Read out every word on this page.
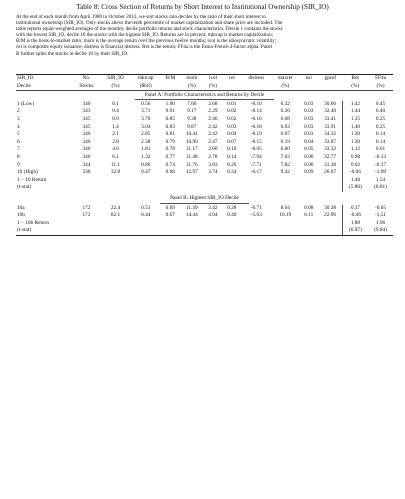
Table 8: Cross Section of Returns by Short Interest to Institutional Ownership (SIR_IO)
At the end of each month from April 1980 to October 2012, we sort stocks into deciles by the ratio of their short interest to
institutional ownership (SIR_IO). Only stocks above the tenth percentile of market capitalization and share price are included. The
table reports equal-weighted averages of the monthly decile portfolio returns and stock characteristics. Decile 1 contains the stocks
with the lowest SIR_IO, decile 10 the stocks with the highest SIR_IO. Returns are in percent; mktcap is market capitalization;
B/M is the book-to-market ratio; mom is the average return over the previous twelve months; ivol is the idiosyncratic volatility;
cei is composite equity issuance; distress is financial distress. Ret is the return; FF4a is the Fama-French 4-factor alpha. Panel
B further splits the stocks in decile 10 by their SIR_IO.
SIR_IO	No.	SIR_IO	mktcap	B/M	mom	ivol	cei	distress	maxret	nsi	gprof	Ret	FF4a
Decile	Stocks	(%)	($bil)		(%)	(%)			(%)			(%)	(%)
Panel A: Portfolio Characteristics and Returns by Decile													
1 (Low)	340	0.1	0.56	1.00	7.66	2.68	0.01	-8.10	6.32	0.03	30.66	1.42	0.45
2	343	0.4	3.71	0.91	9.17	2.29	0.02	-8.14	6.26	0.03	32.48	1.44	0.40
3	345	0.9	3.70	0.85	9.38	2.46	0.02	-8.16	6.08	0.03	33.41	1.35	0.25
4	345	1.4	3.04	0.83	9.87	2.42	0.03	-8.18	6.03	0.03	33.91	1.40	0.25
5	346	2.1	2.85	0.81	10.41	2.42	0.04	-8.19	6.07	0.03	34.32	1.30	0.14
6	346	2.8	2.38	0.79	10.90	2.47	0.07	-8.15	6.19	0.04	33.87	1.30	0.14
7	346	4.0	1.81	0.78	11.17	2.60	0.10	-8.05	6.60	0.05	33.32	1.12	0.01
8	346	6.1	1.32	0.77	11.48	2.78	0.14	-7.94	7.03	0.06	32.77	0.98	-0.13
9	344	11.1	0.86	0.74	11.76	3.03	0.20	-7.71	7.82	0.06	31.38	0.62	-0.37
10 (High)	338	32.8	0.47	0.68	12.97	3.74	0.34	-6.17	9.42	0.09	26.67	-0.06	-1.09
1 − 10 Return												1.48	1.54
(t-stat)												(5.80)	(8.81)

Panel B: Highest SIR_IO Decile													
10a	172	22.4	0.51	0.69	11.39	3.42	0.28	-6.71	8.64	0.08	30.38	0.37	-0.65
10b	172	82.1	0.44	0.67	14.44	4.04	0.40	-5.63	10.19	0.11	22.96	-0.46	-1.51
1 − 10b Return												1.88	1.96
(t-stat)												(6.97)	(9.84)
